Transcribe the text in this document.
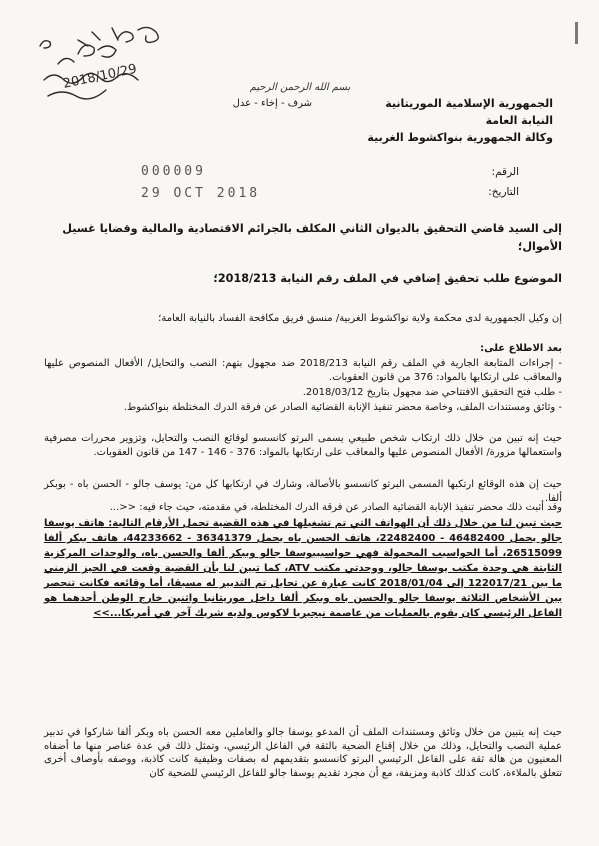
2018/10/29	بسم الله الرحمن الرحيم
الجمهورية الإسلامية الموريتانية
النيابة العامة
وكالة الجمهورية بنواكشوط الغربية
شرف - إخاء - عدل
الرقم:
000009
التاريخ:
29 OCT 2018
إلى السيد قاضي التحقيق بالديوان الثاني المكلف بالجرائم الاقتصادية والمالية وقضايا غسيل الأموال؛
الموضوع طلب تحقيق إضافي في الملف رقم النيابة 2018/213؛
إن وكيل الجمهورية لدى محكمة ولاية نواكشوط الغربية/ منسق فريق مكافحة الفساد بالنيابة العامة؛
بعد الاطلاع على:
- إجراءات المتابعة الجارية في الملف رقم النيابة 2018/213 ضد مجهول بتهم: النصب والتحايل/ الأفعال المنصوص عليها والمعاقب على ارتكابها بالمواد: 376 من قانون العقوبات.
- طلب فتح التحقيق الافتتاحي ضد مجهول بتاريخ 2018/03/12.
- وثائق ومستندات الملف، وخاصة محضر تنفيذ الإنابة القضائية الصادر عن فرقة الدرك المختلطة بنواكشوط.
حيث إنه تبين من خلال ذلك ارتكاب شخص طبيعي يسمى البرتو كانسسو لوقائع النصب والتحايل، وتزوير محررات مصرفية واستعمالها مزورة/ الأفعال المنصوص عليها والمعاقب على ارتكابها بالمواد: 376 - 146 - 147 من قانون العقوبات.
حيث إن هذه الوقائع ارتكبها المسمى البرتو كانسسو بالأصالة، وشارك في ارتكابها كل من: يوسف جالو - الحسن باه - بوبكر ألفا.
وقد أثبت ذلك محضر تنفيذ الإنابة القضائية الصادر عن فرقة الدرك المختلطة، في مقدمته، حيث جاء فيه: <<...
حيث تبين لنا من خلال ذلك أن الهواتف التي تم تشغيلها في هذه القضية تحمل الأرقام التالية: هاتف يوسفا جالو يحمل 46482400 - 22482400، هاتف الحسن باه يحمل 36341379 - 44233662، هاتف ببكر ألفا 26515099، أما الحواسيب المحمولة فهي حواسيبيوسفا جالو وببكر ألفا والحسن باه، والوحدات المركزية الثابتة هي وحدة مكتب يوسفا جالو، ووحدتي مكتب ATV، كما تبين لنا بأن القضية وقعت في الحيز الزمني ما بين 122017/21 إلى 2018/01/04 كانت عبارة عن تحايل تم التدبير له مسبقا، أما وقائعه فكانت تنحصر بين الأشخاص الثلاثة يوسفا جالو والحسن باه وببكر ألفا داخل موريتانيا واثنين خارج الوطن أحدهما هو الفاعل الرئيسي كان يقوم بالعمليات من عاصمة نيجيريا لاكوس ولديه شريك آخر في أمريكا...>>
حيث إنه يتبين من خلال وثائق ومستندات الملف أن المدعو يوسفا جالو والعاملين معه الحسن باه وبكر ألفا شاركوا في تدبير عملية النصب والتحايل، وذلك من خلال إقناع الضحية بالثقة في الفاعل الرئيسي، وتمثل ذلك في عدة عناصر منها ما أضفاه المعنيون من هالة ثقة على الفاعل الرئيسي البرتو كانسسو بتقديمهم له بصفات وظيفية كانت كاذبة، ووصفه بأوصاف أخرى تتعلق بالملاءة، كانت كذلك كاذبة ومزيفة، مع أن مجرد تقديم يوسفا جالو للفاعل الرئيسي للضحية كان
